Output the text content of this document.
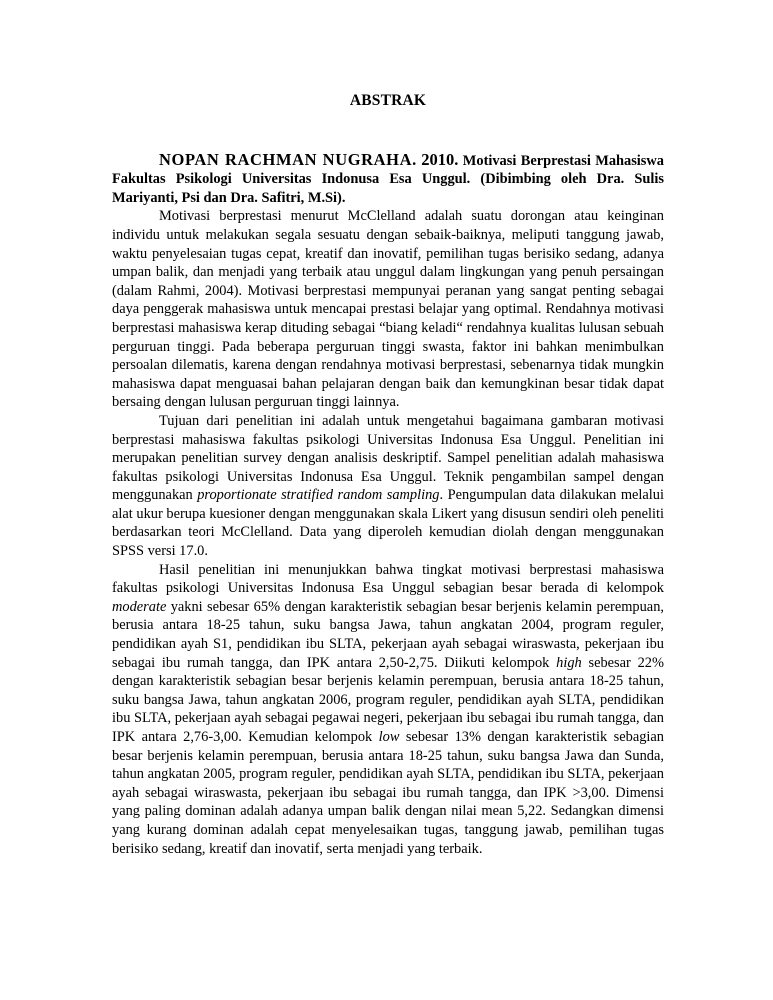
ABSTRAK

NOPAN RACHMAN NUGRAHA. 2010. Motivasi Berprestasi Mahasiswa Fakultas Psikologi Universitas Indonusa Esa Unggul. (Dibimbing oleh Dra. Sulis Mariyanti, Psi dan Dra. Safitri, M.Si).

Motivasi berprestasi menurut McClelland adalah suatu dorongan atau keinginan individu untuk melakukan segala sesuatu dengan sebaik-baiknya, meliputi tanggung jawab, waktu penyelesaian tugas cepat, kreatif dan inovatif, pemilihan tugas berisiko sedang, adanya umpan balik, dan menjadi yang terbaik atau unggul dalam lingkungan yang penuh persaingan (dalam Rahmi, 2004). Motivasi berprestasi mempunyai peranan yang sangat penting sebagai daya penggerak mahasiswa untuk mencapai prestasi belajar yang optimal. Rendahnya motivasi berprestasi mahasiswa kerap dituding sebagai “biang keladi“ rendahnya kualitas lulusan sebuah perguruan tinggi. Pada beberapa perguruan tinggi swasta, faktor ini bahkan menimbulkan persoalan dilematis, karena dengan rendahnya motivasi berprestasi, sebenarnya tidak mungkin mahasiswa dapat menguasai bahan pelajaran dengan baik dan kemungkinan besar tidak dapat bersaing dengan lulusan perguruan tinggi lainnya.

Tujuan dari penelitian ini adalah untuk mengetahui bagaimana gambaran motivasi berprestasi mahasiswa fakultas psikologi Universitas Indonusa Esa Unggul. Penelitian ini merupakan penelitian survey dengan analisis deskriptif. Sampel penelitian adalah mahasiswa fakultas psikologi Universitas Indonusa Esa Unggul. Teknik pengambilan sampel dengan menggunakan proportionate stratified random sampling. Pengumpulan data dilakukan melalui alat ukur berupa kuesioner dengan menggunakan skala Likert yang disusun sendiri oleh peneliti berdasarkan teori McClelland. Data yang diperoleh kemudian diolah dengan menggunakan SPSS versi 17.0.

Hasil penelitian ini menunjukkan bahwa tingkat motivasi berprestasi mahasiswa fakultas psikologi Universitas Indonusa Esa Unggul sebagian besar berada di kelompok moderate yakni sebesar 65% dengan karakteristik sebagian besar berjenis kelamin perempuan, berusia antara 18-25 tahun, suku bangsa Jawa, tahun angkatan 2004, program reguler, pendidikan ayah S1, pendidikan ibu SLTA, pekerjaan ayah sebagai wiraswasta, pekerjaan ibu sebagai ibu rumah tangga, dan IPK antara 2,50-2,75. Diikuti kelompok high sebesar 22% dengan karakteristik sebagian besar berjenis kelamin perempuan, berusia antara 18-25 tahun, suku bangsa Jawa, tahun angkatan 2006, program reguler, pendidikan ayah SLTA, pendidikan ibu SLTA, pekerjaan ayah sebagai pegawai negeri, pekerjaan ibu sebagai ibu rumah tangga, dan IPK antara 2,76-3,00. Kemudian kelompok low sebesar 13% dengan karakteristik sebagian besar berjenis kelamin perempuan, berusia antara 18-25 tahun, suku bangsa Jawa dan Sunda, tahun angkatan 2005, program reguler, pendidikan ayah SLTA, pendidikan ibu SLTA, pekerjaan ayah sebagai wiraswasta, pekerjaan ibu sebagai ibu rumah tangga, dan IPK >3,00. Dimensi yang paling dominan adalah adanya umpan balik dengan nilai mean 5,22. Sedangkan dimensi yang kurang dominan adalah cepat menyelesaikan tugas, tanggung jawab, pemilihan tugas berisiko sedang, kreatif dan inovatif, serta menjadi yang terbaik.
